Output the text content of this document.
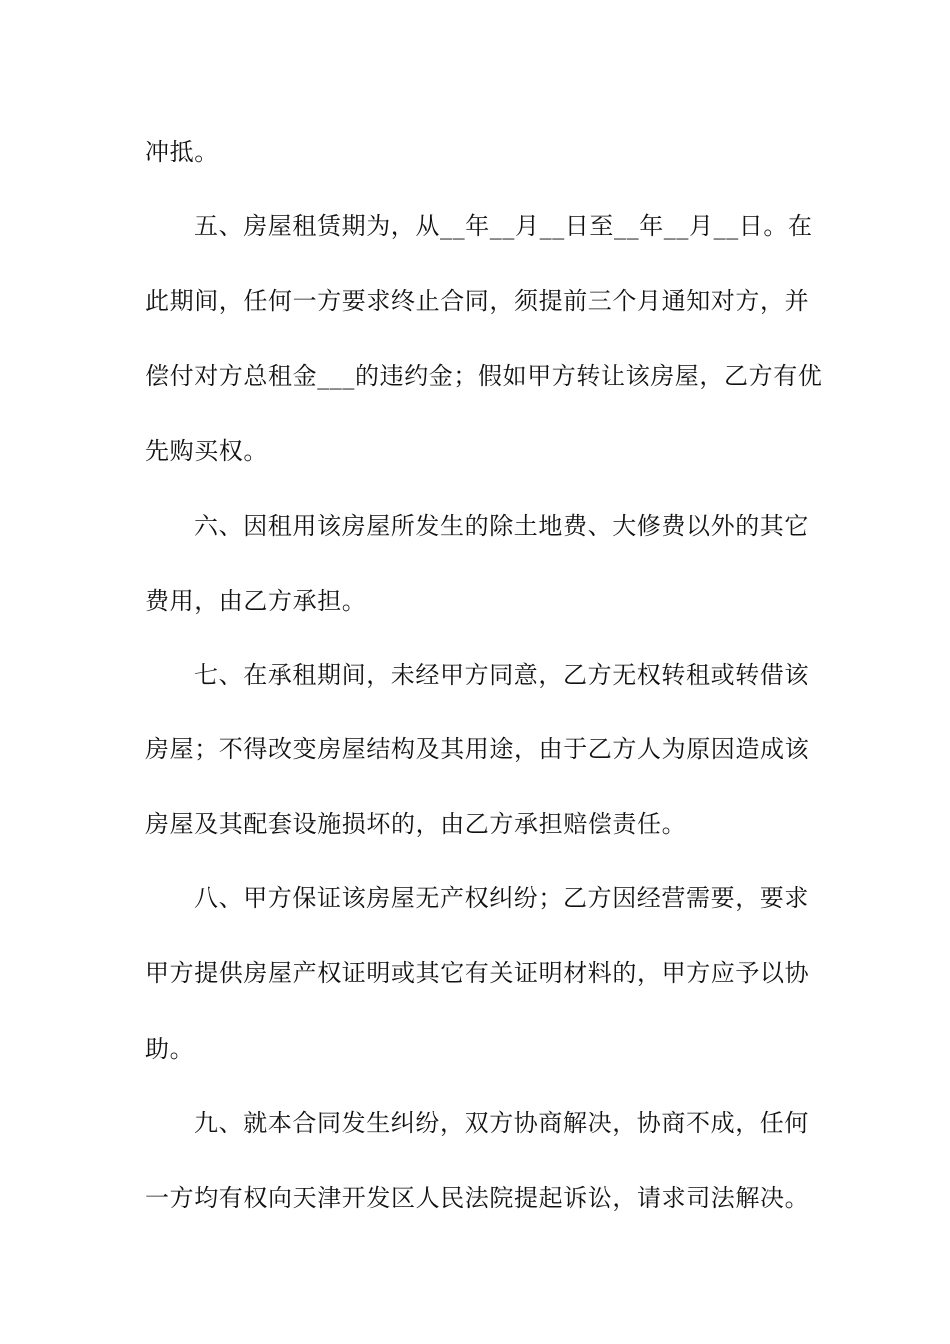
冲抵。
五、房屋租赁期为，从__年__月__日至__年__月__日。在
此期间，任何一方要求终止合同，须提前三个月通知对方，并
偿付对方总租金___的违约金；假如甲方转让该房屋，乙方有优
先购买权。
六、因租用该房屋所发生的除土地费、大修费以外的其它
费用，由乙方承担。
七、在承租期间，未经甲方同意，乙方无权转租或转借该
房屋；不得改变房屋结构及其用途，由于乙方人为原因造成该
房屋及其配套设施损坏的，由乙方承担赔偿责任。
八、甲方保证该房屋无产权纠纷；乙方因经营需要，要求
甲方提供房屋产权证明或其它有关证明材料的，甲方应予以协
助。
九、就本合同发生纠纷，双方协商解决，协商不成，任何
一方均有权向天津开发区人民法院提起诉讼，请求司法解决。
